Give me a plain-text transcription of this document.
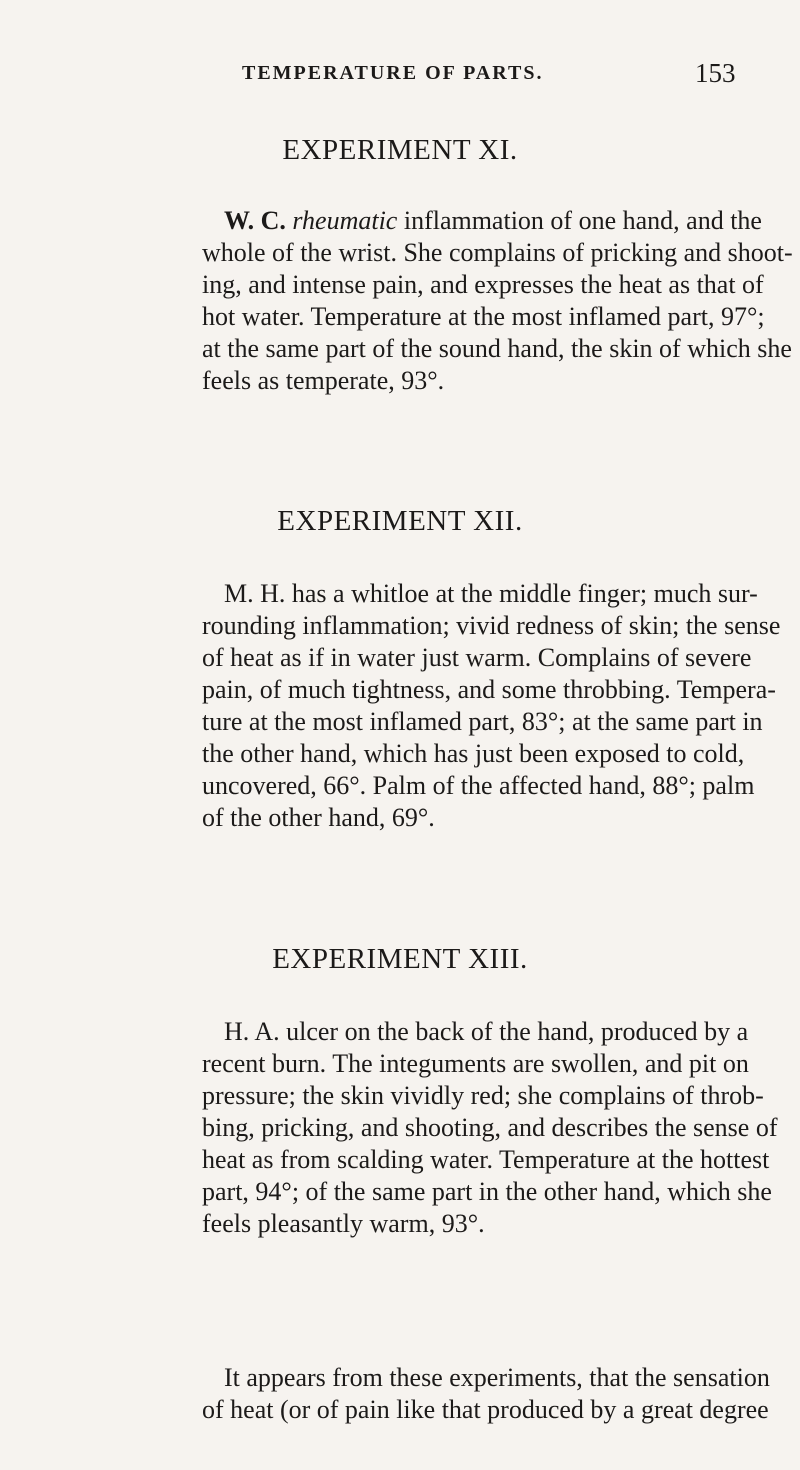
TEMPERATURE OF PARTS.	153
EXPERIMENT XI.

W. C. rheumatic inflammation of one hand, and the
whole of the wrist. She complains of pricking and shoot-
ing, and intense pain, and expresses the heat as that of
hot water. Temperature at the most inflamed part, 97°;
at the same part of the sound hand, the skin of which she
feels as temperate, 93°.

EXPERIMENT XII.

M. H. has a whitloe at the middle finger; much sur-
rounding inflammation; vivid redness of skin; the sense
of heat as if in water just warm. Complains of severe
pain, of much tightness, and some throbbing. Tempera-
ture at the most inflamed part, 83°; at the same part in
the other hand, which has just been exposed to cold,
uncovered, 66°. Palm of the affected hand, 88°; palm
of the other hand, 69°.

EXPERIMENT XIII.

H. A. ulcer on the back of the hand, produced by a
recent burn. The integuments are swollen, and pit on
pressure; the skin vividly red; she complains of throb-
bing, pricking, and shooting, and describes the sense of
heat as from scalding water. Temperature at the hottest
part, 94°; of the same part in the other hand, which she
feels pleasantly warm, 93°.

It appears from these experiments, that the sensation
of heat (or of pain like that produced by a great degree
